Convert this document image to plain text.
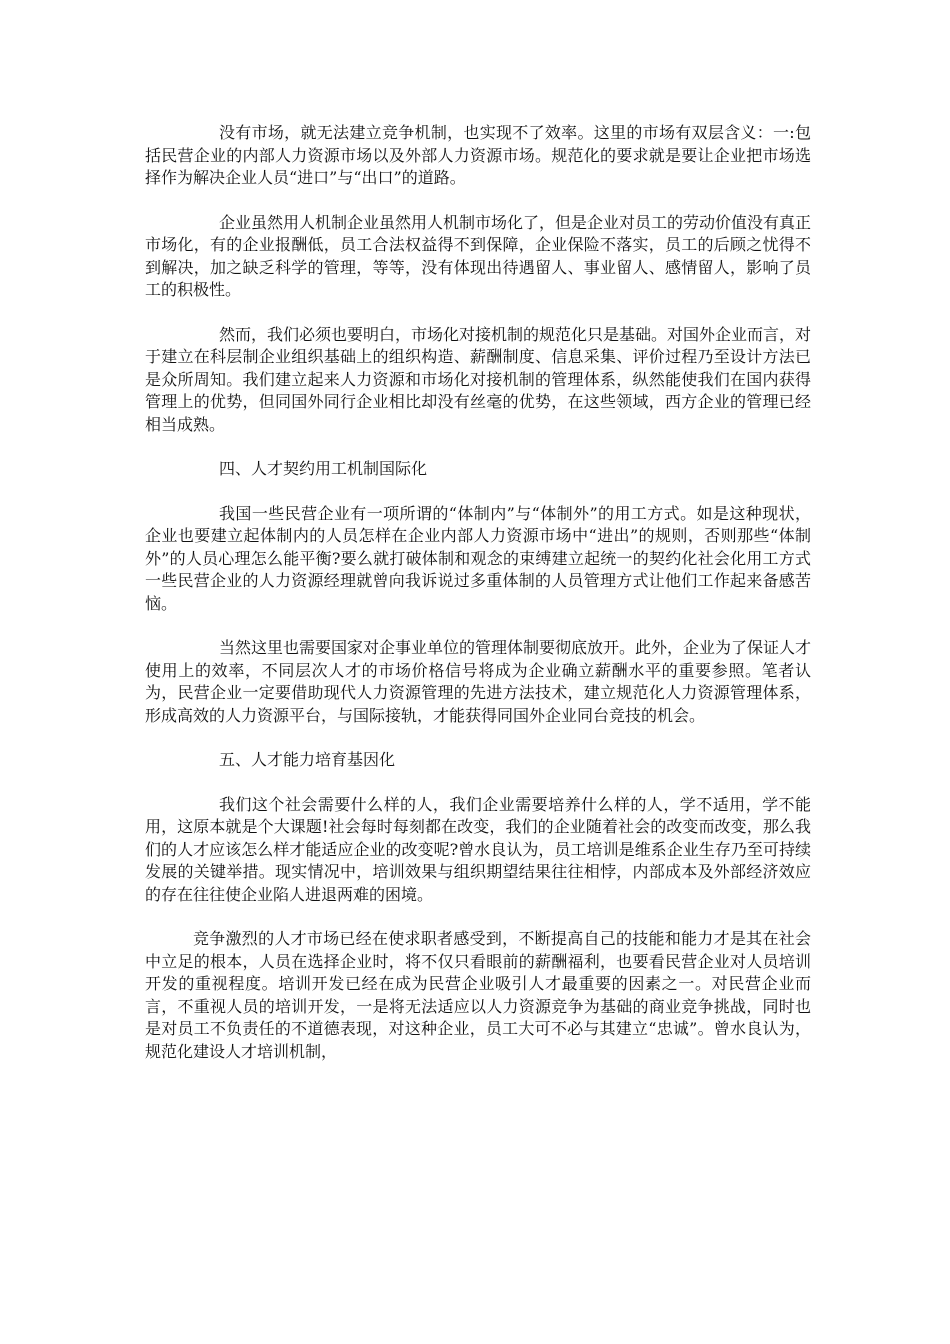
没有市场，就无法建立竞争机制，也实现不了效率。这里的市场有双层含义：一:包括民营企业的内部人力资源市场以及外部人力资源市场。规范化的要求就是要让企业把市场选择作为解决企业人员“进口”与“出口”的道路。

企业虽然用人机制企业虽然用人机制市场化了，但是企业对员工的劳动价值没有真正市场化，有的企业报酬低，员工合法权益得不到保障，企业保险不落实，员工的后顾之忧得不到解决，加之缺乏科学的管理，等等，没有体现出待遇留人、事业留人、感情留人，影响了员工的积极性。

然而，我们必须也要明白，市场化对接机制的规范化只是基础。对国外企业而言，对于建立在科层制企业组织基础上的组织构造、薪酬制度、信息采集、评价过程乃至设计方法已是众所周知。我们建立起来人力资源和市场化对接机制的管理体系，纵然能使我们在国内获得管理上的优势，但同国外同行企业相比却没有丝毫的优势，在这些领域，西方企业的管理已经相当成熟。

四、人才契约用工机制国际化

我国一些民营企业有一项所谓的“体制内”与“体制外”的用工方式。如是这种现状，企业也要建立起体制内的人员怎样在企业内部人力资源市场中“进出”的规则，否则那些“体制外”的人员心理怎么能平衡?要么就打破体制和观念的束缚建立起统一的契约化社会化用工方式一些民营企业的人力资源经理就曾向我诉说过多重体制的人员管理方式让他们工作起来备感苦恼。

当然这里也需要国家对企事业单位的管理体制要彻底放开。此外，企业为了保证人才使用上的效率，不同层次人才的市场价格信号将成为企业确立薪酬水平的重要参照。笔者认为，民营企业一定要借助现代人力资源管理的先进方法技术，建立规范化人力资源管理体系，形成高效的人力资源平台，与国际接轨，才能获得同国外企业同台竞技的机会。

五、人才能力培育基因化

我们这个社会需要什么样的人，我们企业需要培养什么样的人，学不适用，学不能用，这原本就是个大课题!社会每时每刻都在改变，我们的企业随着社会的改变而改变，那么我们的人才应该怎么样才能适应企业的改变呢?曾水良认为，员工培训是维系企业生存乃至可持续发展的关键举措。现实情况中，培训效果与组织期望结果往往相悖，内部成本及外部经济效应的存在往往使企业陷人进退两难的困境。

竞争激烈的人才市场已经在使求职者感受到，不断提高自己的技能和能力才是其在社会中立足的根本，人员在选择企业时，将不仅只看眼前的薪酬福利，也要看民营企业对人员培训开发的重视程度。培训开发已经在成为民营企业吸引人才最重要的因素之一。对民营企业而言，不重视人员的培训开发，一是将无法适应以人力资源竞争为基础的商业竞争挑战，同时也是对员工不负责任的不道德表现，对这种企业，员工大可不必与其建立“忠诚”。曾水良认为，规范化建设人才培训机制，
